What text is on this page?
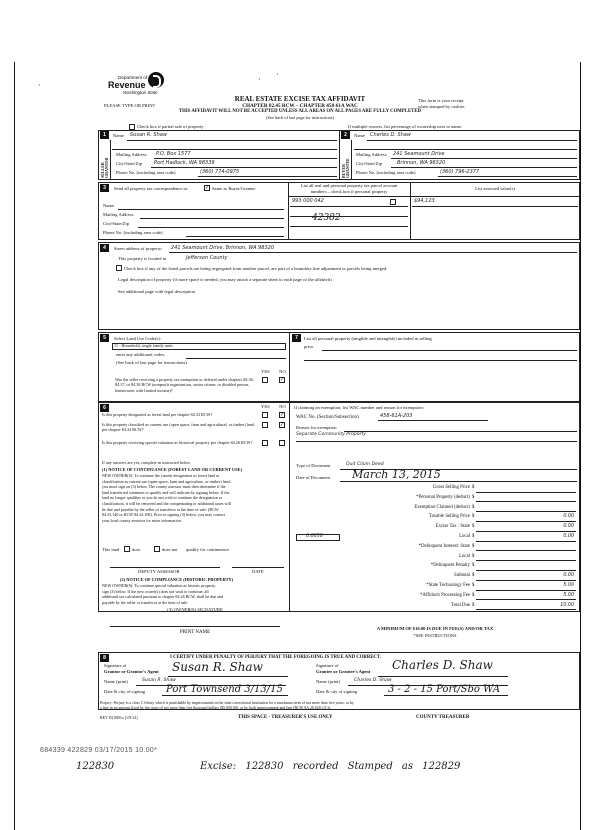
·
·
·
Department of
Revenue
Washington State
PLEASE TYPE OR PRINT
REAL ESTATE EXCISE TAX AFFIDAVIT
CHAPTER 82.45 RCW – CHAPTER 458-61A WAC
THIS AFFIDAVIT WILL NOT BE ACCEPTED UNLESS ALL AREAS ON ALL PAGES ARE FULLY COMPLETED
(See back of last page for instructions)
This form is your receipt
when stamped by cashier.
Check box if partial sale of property	If multiple owners, list percentage of ownership next to name.
1
SELLER GRANTOR
Name Susan R. Shaw
Mailing Address P.O. Box 1577
City/State/Zip Port Hadlock, WA 98339
Phone No. (including area code)	(360) 774-0975
2
BUYER GRANTEE
Name Charles D. Shaw
Mailing Address 241 Seamount Drive
City/State/Zip	Brinnon, WA 98320
Phone No. (including area code)	(360) 796-2377
3	Send all property tax correspondence to:	✓ Same as Buyer/Grantee
Name
Mailing Address
City/State/Zip
Phone No. (including area code)
List all real and personal property tax parcel account
numbers – check box if personal property
List assessed value(s)
993 000 042	$94,123
42382
4	Street address of property: 241 Seamount Drive, Brinnon, WA 98320
This property is located in	Jefferson County
Check box if any of the listed parcels are being segregated from another parcel, are part of a boundary line adjustment or parcels being merged.
Legal description of property (if more space is needed, you may attach a separate sheet to each page of the affidavit)
See additional page with legal description.
5	Select Land Use Code(s):
11 - Household, single family units
enter any additional codes:
(See back of last page for instructions)
YES NO
Was the seller receiving a property tax exemption or deferral under chapters 84.36, 84.37, or 84.38 RCW (nonprofit organization, senior citizen, or disabled person, homeowner with limited income)?
✓
7	List all personal property (tangible and intangible) included in selling
price.
6	YES NO
Is this property designated as forest land per chapter 84.33 RCW?	✓
Is this property classified as current use (open space, farm and agricultural, or timber) land per chapter 84.34 RCW?
✓
Is this property receiving special valuation as historical property per chapter 84.26 RCW?
If any answers are yes, complete as instructed below.
(1) NOTICE OF CONTINUANCE (FOREST LAND OR CURRENT USE)
NEW OWNER(S): To continue the current designation as forest land or
classification as current use (open space, farm and agriculture, or timber) land,
you must sign on (3) below. The county assessor must then determine if the
land transferred continues to qualify and will indicate by signing below. If the
land no longer qualifies or you do not wish to continue the designation or
classification, it will be removed and the compensating or additional taxes will
be due and payable by the seller or transferor at the time of sale. (RCW
84.33.140 or RCW 84.34.108). Prior to signing (3) below, you may contact
your local county assessor for more information.
This land	does	does not qualify for continuance.
DEPUTY ASSESSOR	DATE
(2) NOTICE OF COMPLIANCE (HISTORIC PROPERTY)
NEW OWNER(S): To continue special valuation as historic property,
sign (3) below. If the new owner(s) does not wish to continue, all
additional tax calculated pursuant to chapter 84.26 RCW, shall be due and
payable by the seller or transferor at the time of sale.
(3) OWNER(S) SIGNATURE
PRINT NAME
If claiming an exemption, list WAC number and reason for exemption:
WAC No. (Section/Subsection)	458-61A-203
Reason for exemption
Separate Community Property
Type of Document	Quit Claim Deed
Date of Document March 13, 2015
Gross Selling Price $
*Personal Property (deduct) $
Exemption Claimed (deduct) $
Taxable Selling Price $	0.00
Excise Tax : State $	0.00
Local $	0.00
0.0050
*Delinquent Interest: State $
Local $
*Delinquent Penalty $
Subtotal $	0.00
*State Technology Fee $	5.00
*Affidavit Processing Fee $	5.00
Total Due $	10.00
A MINIMUM OF $10.00 IS DUE IN FEE(S) AND/OR TAX
*SEE INSTRUCTIONS
8	I CERTIFY UNDER PENALTY OF PERJURY THAT THE FOREGOING IS TRUE AND CORRECT.
Signature of
Grantor or Grantor's Agent Susan R. Shaw	Signature of
Grantee or Grantee's Agent Charles D. Shaw
Name (print)	Susan R. Shaw	Name (print)	Charles D. Shaw
Date & city of signing Port Townsend 3/13/15	Date & city of signing	3 - 2 - 15 Port/Sbo WA
Perjury: Perjury is a class C felony which is punishable by imprisonment in the state correctional institution for a maximum term of not more than five years, or by
a fine in an amount fixed by the court of not more than five thousand dollars ($5,000.00), or by both imprisonment and fine (RCW 9A.20.020 (1C)).
REV 84 0001a (1/9/14)	THIS SPACE - TREASURER'S USE ONLY	COUNTY TREASURER
684339 422829 03/17/2015 10.00*
122830	Excise: 122830 recorded Stamped as 122829
